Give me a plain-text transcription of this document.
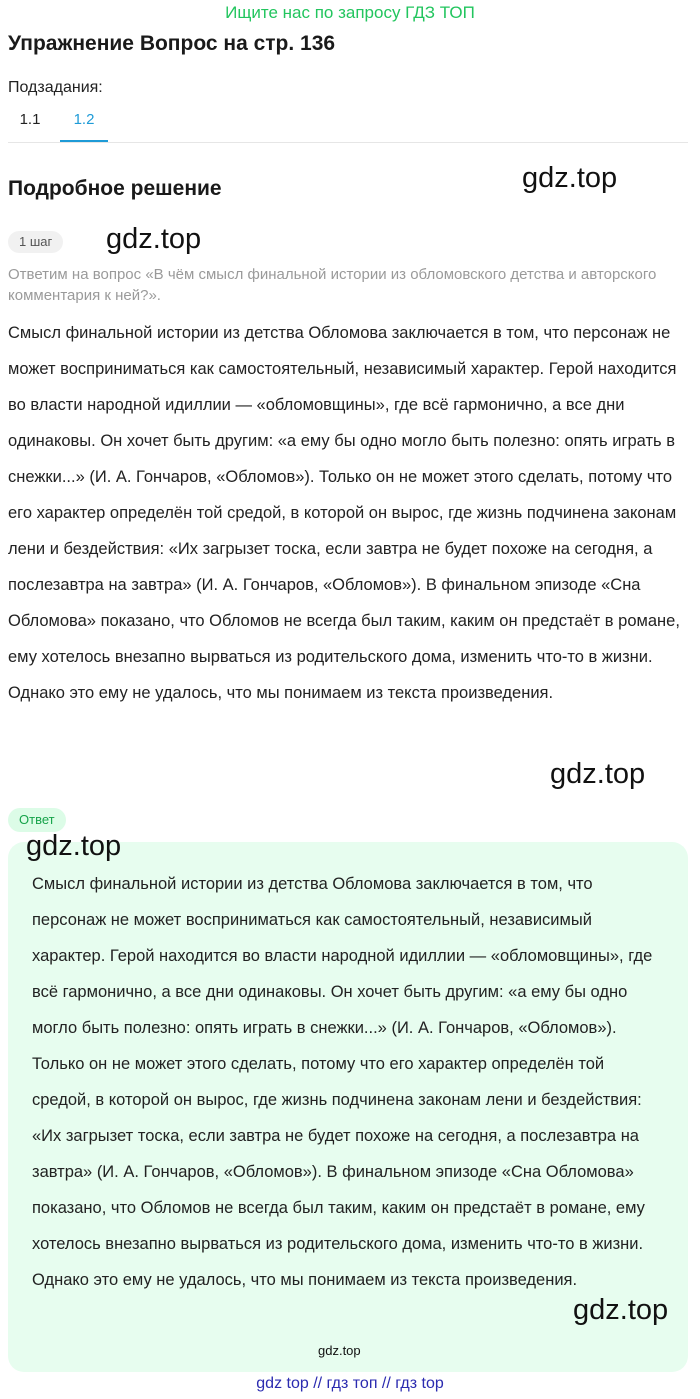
Ищите нас по запросу ГДЗ ТОП
Упражнение Вопрос на стр. 136
Подзадания:
1.1	1.2
Подробное решение	gdz.top
1 шаг	gdz.top
Ответим на вопрос «В чём смысл финальной истории из обломовского детства и авторского комментария к ней?».
Смысл финальной истории из детства Обломова заключается в том, что персонаж не может восприниматься как самостоятельный, независимый характер. Герой находится во власти народной идиллии — «обломовщины», где всё гармонично, а все дни одинаковы. Он хочет быть другим: «а ему бы одно могло быть полезно: опять играть в снежки...» (И. А. Гончаров, «Обломов»). Только он не может этого сделать, потому что его характер определён той средой, в которой он вырос, где жизнь подчинена законам лени и бездействия: «Их загрызет тоска, если завтра не будет похоже на сегодня, а послезавтра на завтра» (И. А. Гончаров, «Обломов»). В финальном эпизоде «Сна Обломова» показано, что Обломов не всегда был таким, каким он предстаёт в романе, ему хотелось внезапно вырваться из родительского дома, изменить что-то в жизни. Однако это ему не удалось, что мы понимаем из текста произведения.
gdz.top
Ответ
gdz.top
Смысл финальной истории из детства Обломова заключается в том, что персонаж не может восприниматься как самостоятельный, независимый характер. Герой находится во власти народной идиллии — «обломовщины», где всё гармонично, а все дни одинаковы. Он хочет быть другим: «а ему бы одно могло быть полезно: опять играть в снежки...» (И. А. Гончаров, «Обломов»). Только он не может этого сделать, потому что его характер определён той средой, в которой он вырос, где жизнь подчинена законам лени и бездействия: «Их загрызет тоска, если завтра не будет похоже на сегодня, а послезавтра на завтра» (И. А. Гончаров, «Обломов»). В финальном эпизоде «Сна Обломова» показано, что Обломов не всегда был таким, каким он предстаёт в романе, ему хотелось внезапно вырваться из родительского дома, изменить что-то в жизни. Однако это ему не удалось, что мы понимаем из текста произведения.
gdz.top
gdz.top
gdz top // гдз топ // гдз top
